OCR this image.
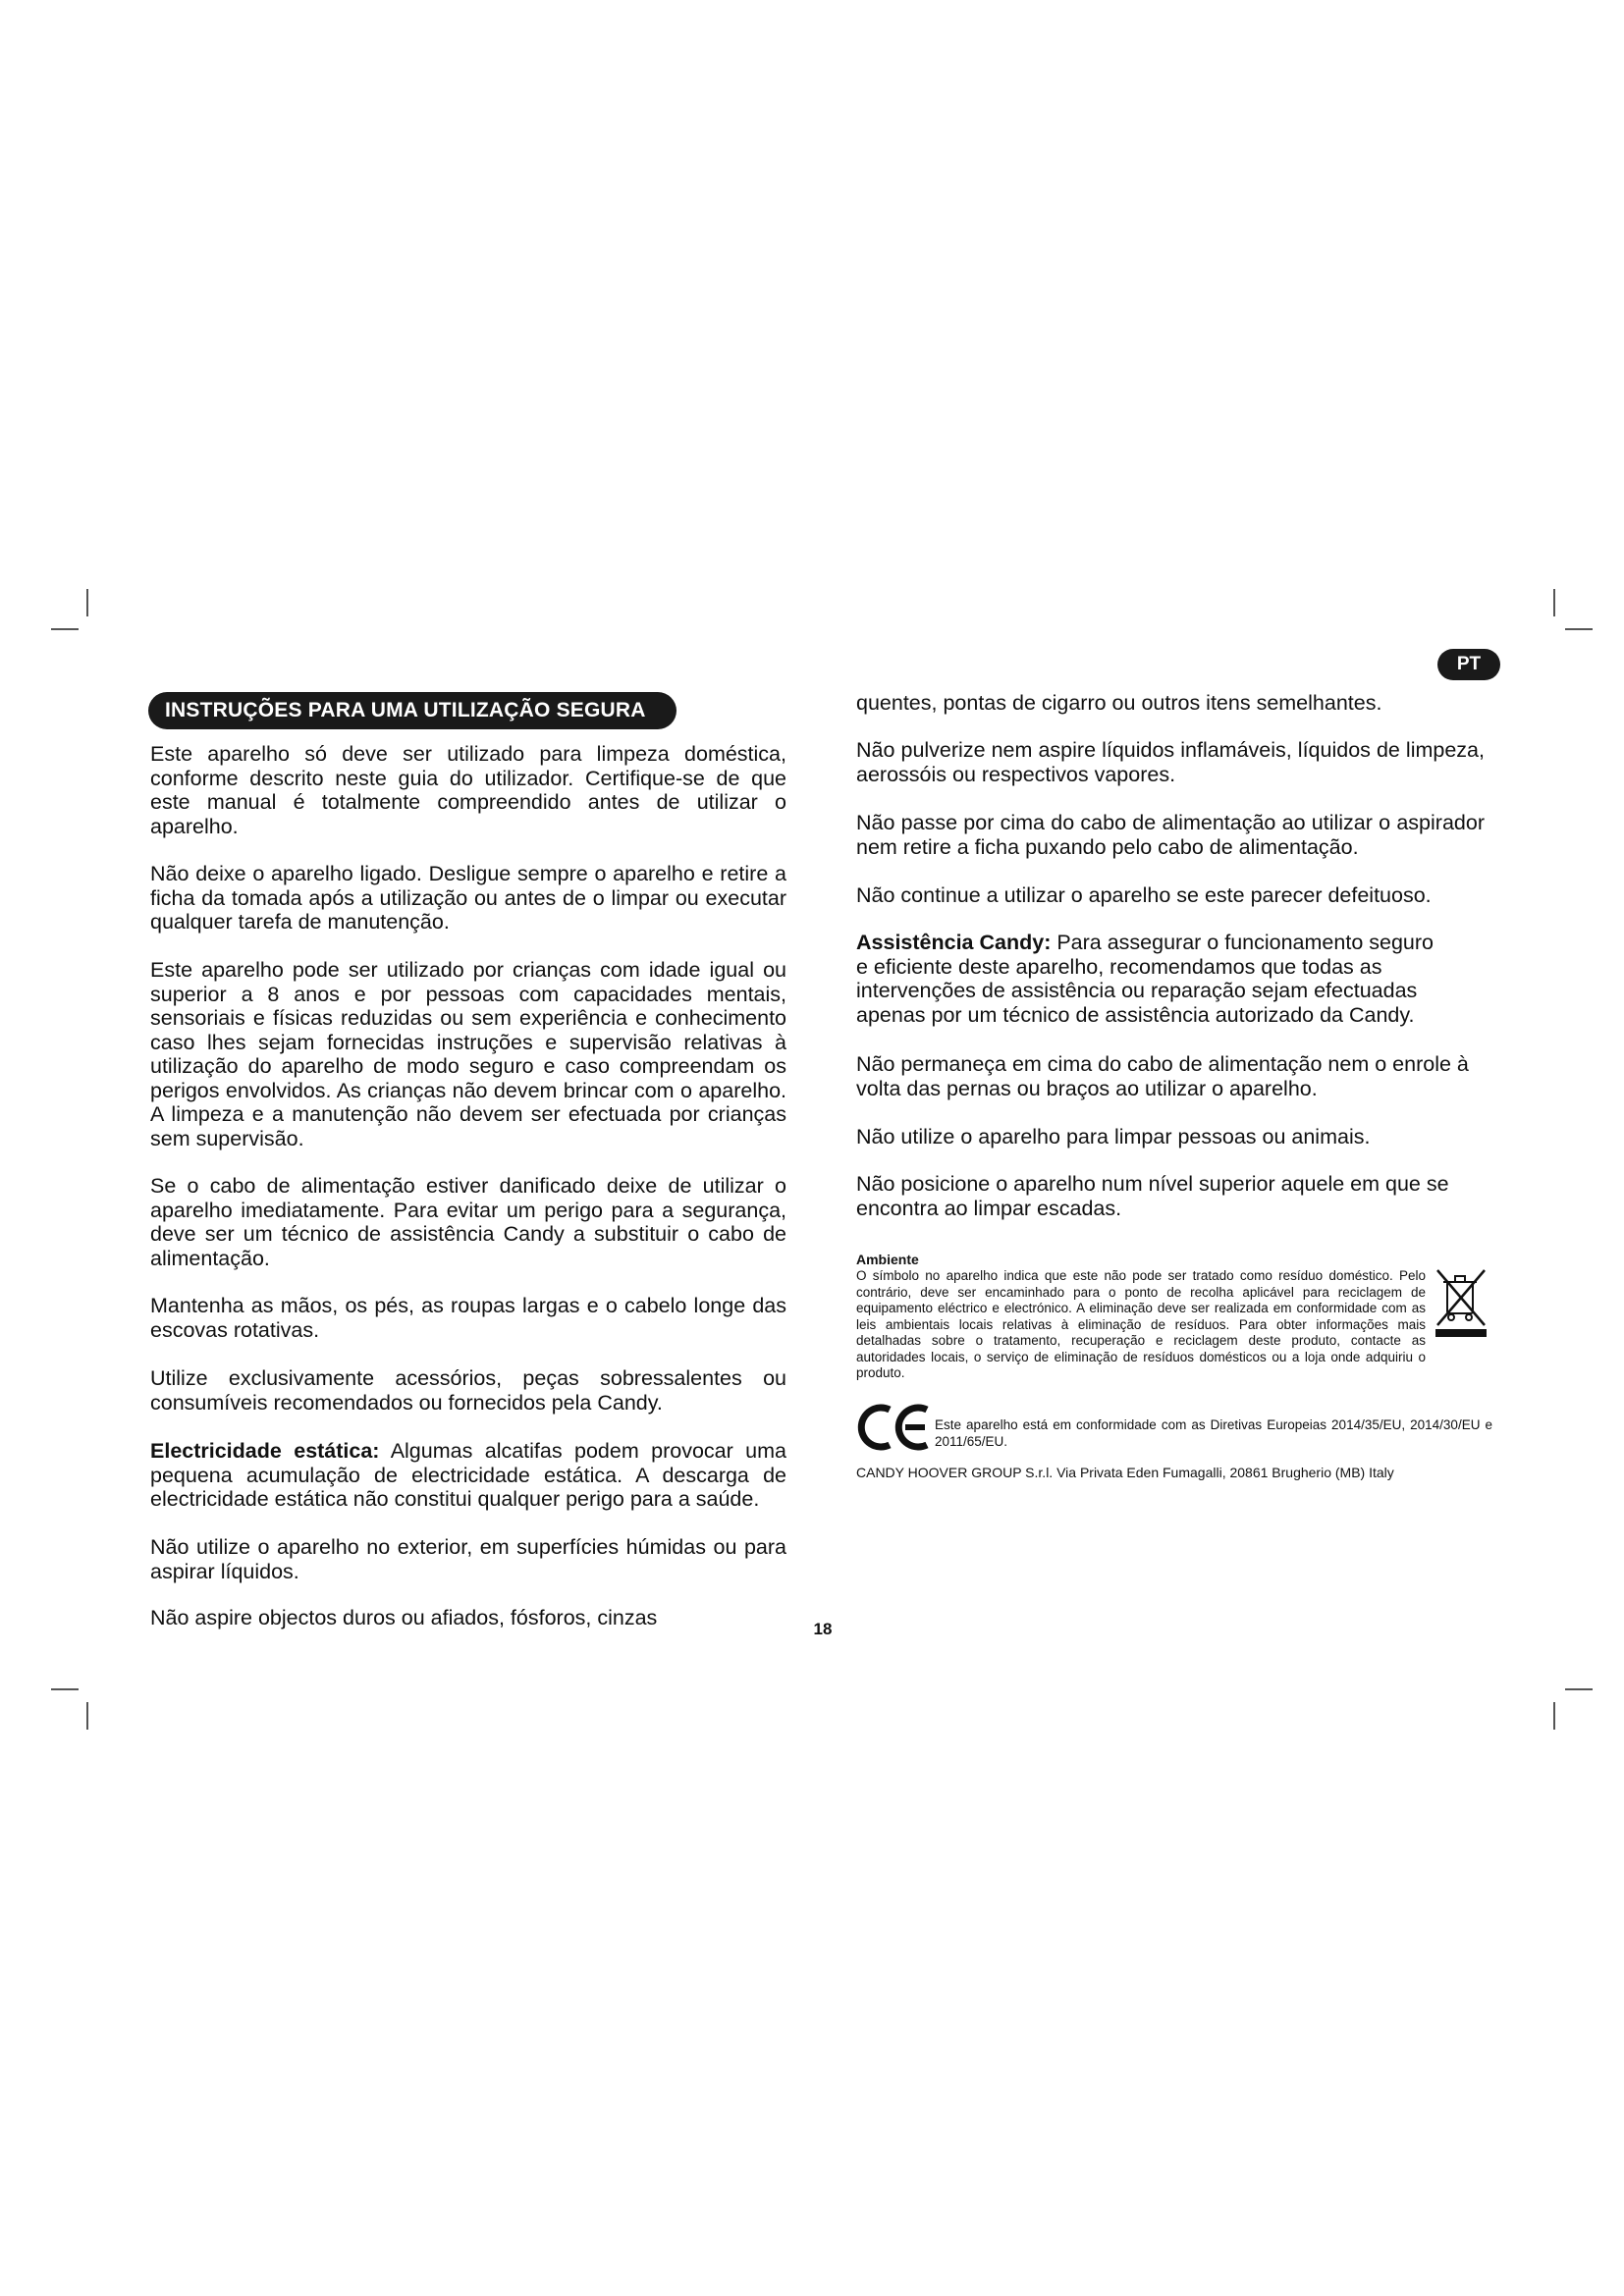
INSTRUÇÕES PARA UMA UTILIZAÇÃO SEGURA
PT

Este aparelho só deve ser utilizado para limpeza doméstica, conforme descrito neste guia do utilizador. Certifique-se de que este manual é totalmente compreendido antes de utilizar o aparelho.

Não deixe o aparelho ligado. Desligue sempre o aparelho e retire a ficha da tomada após a utilização ou antes de o limpar ou executar qualquer tarefa de manutenção.

Este aparelho pode ser utilizado por crianças com idade igual ou superior a 8 anos e por pessoas com capacidades mentais, sensoriais e físicas reduzidas ou sem experiência e conhecimento caso lhes sejam fornecidas instruções e supervisão relativas à utilização do aparelho de modo seguro e caso compreendam os perigos envolvidos. As crianças não devem brincar com o aparelho. A limpeza e a manutenção não devem ser efectuada por crianças sem supervisão.

Se o cabo de alimentação estiver danificado deixe de utilizar o aparelho imediatamente. Para evitar um perigo para a segurança, deve ser um técnico de assistência Candy a substituir o cabo de alimentação.

Mantenha as mãos, os pés, as roupas largas e o cabelo longe das escovas rotativas.

Utilize exclusivamente acessórios, peças sobressalentes ou consumíveis recomendados ou fornecidos pela Candy.

Electricidade estática: Algumas alcatifas podem provocar uma pequena acumulação de electricidade estática. A descarga de electricidade estática não constitui qualquer perigo para a saúde.

Não utilize o aparelho no exterior, em superfícies húmidas ou para aspirar líquidos.

Não aspire objectos duros ou afiados, fósforos, cinzas

quentes, pontas de cigarro ou outros itens semelhantes.

Não pulverize nem aspire líquidos inflamáveis, líquidos de limpeza, aerossóis ou respectivos vapores.

Não passe por cima do cabo de alimentação ao utilizar o aspirador nem retire a ficha puxando pelo cabo de alimentação.

Não continue a utilizar o aparelho se este parecer defeituoso.

Assistência Candy: Para assegurar o funcionamento seguro e eficiente deste aparelho, recomendamos que todas as intervenções de assistência ou reparação sejam efectuadas apenas por um técnico de assistência autorizado da Candy.

Não permaneça em cima do cabo de alimentação nem o enrole à volta das pernas ou braços ao utilizar o aparelho.

Não utilize o aparelho para limpar pessoas ou animais.

Não posicione o aparelho num nível superior aquele em que se encontra ao limpar escadas.

Ambiente

O símbolo no aparelho indica que este não pode ser tratado como resíduo doméstico. Pelo contrário, deve ser encaminhado para o ponto de recolha aplicável para reciclagem de equipamento eléctrico e electrónico. A eliminação deve ser realizada em conformidade com as leis ambientais locais relativas à eliminação de resíduos. Para obter informações mais detalhadas sobre o tratamento, recuperação e reciclagem deste produto, contacte as autoridades locais, o serviço de eliminação de resíduos domésticos ou a loja onde adquiriu o produto.

Este aparelho está em conformidade com as Diretivas Europeias 2014/35/EU, 2014/30/EU e 2011/65/EU.

CANDY HOOVER GROUP S.r.l. Via Privata Eden Fumagalli, 20861 Brugherio (MB) Italy

18
